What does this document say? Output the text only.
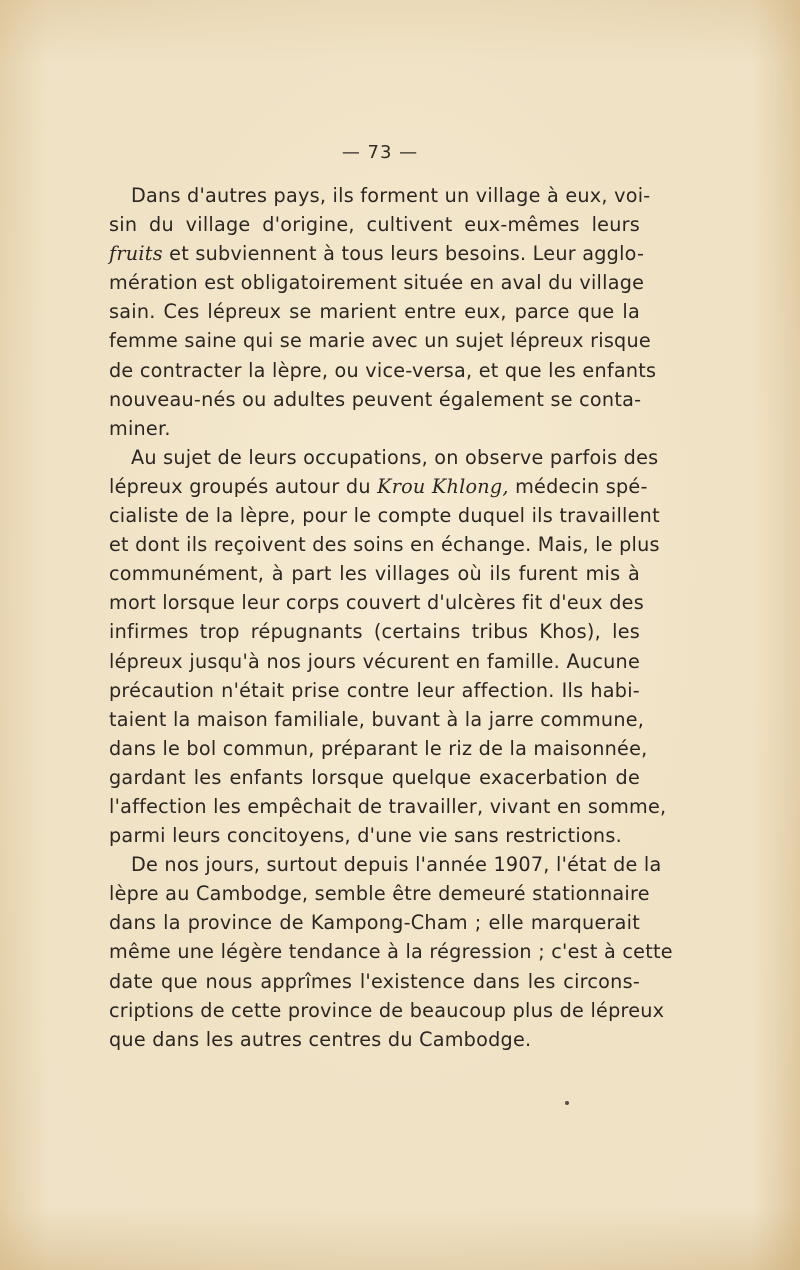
— 73 —
Dans d'autres pays, ils forment un village à eux, voi-
sin du village d'origine, cultivent eux-mêmes leurs
fruits et subviennent à tous leurs besoins. Leur agglo-
mération est obligatoirement située en aval du village
sain. Ces lépreux se marient entre eux, parce que la
femme saine qui se marie avec un sujet lépreux risque
de contracter la lèpre, ou vice-versa, et que les enfants
nouveau-nés ou adultes peuvent également se conta-
miner.
Au sujet de leurs occupations, on observe parfois des
lépreux groupés autour du Krou Khlong, médecin spé-
cialiste de la lèpre, pour le compte duquel ils travaillent
et dont ils reçoivent des soins en échange. Mais, le plus
communément, à part les villages où ils furent mis à
mort lorsque leur corps couvert d'ulcères fit d'eux des
infirmes trop répugnants (certains tribus Khos), les
lépreux jusqu'à nos jours vécurent en famille. Aucune
précaution n'était prise contre leur affection. Ils habi-
taient la maison familiale, buvant à la jarre commune,
dans le bol commun, préparant le riz de la maisonnée,
gardant les enfants lorsque quelque exacerbation de
l'affection les empêchait de travailler, vivant en somme,
parmi leurs concitoyens, d'une vie sans restrictions.
De nos jours, surtout depuis l'année 1907, l'état de la
lèpre au Cambodge, semble être demeuré stationnaire
dans la province de Kampong-Cham ; elle marquerait
même une légère tendance à la régression ; c'est à cette
date que nous apprîmes l'existence dans les circons-
criptions de cette province de beaucoup plus de lépreux
que dans les autres centres du Cambodge.
